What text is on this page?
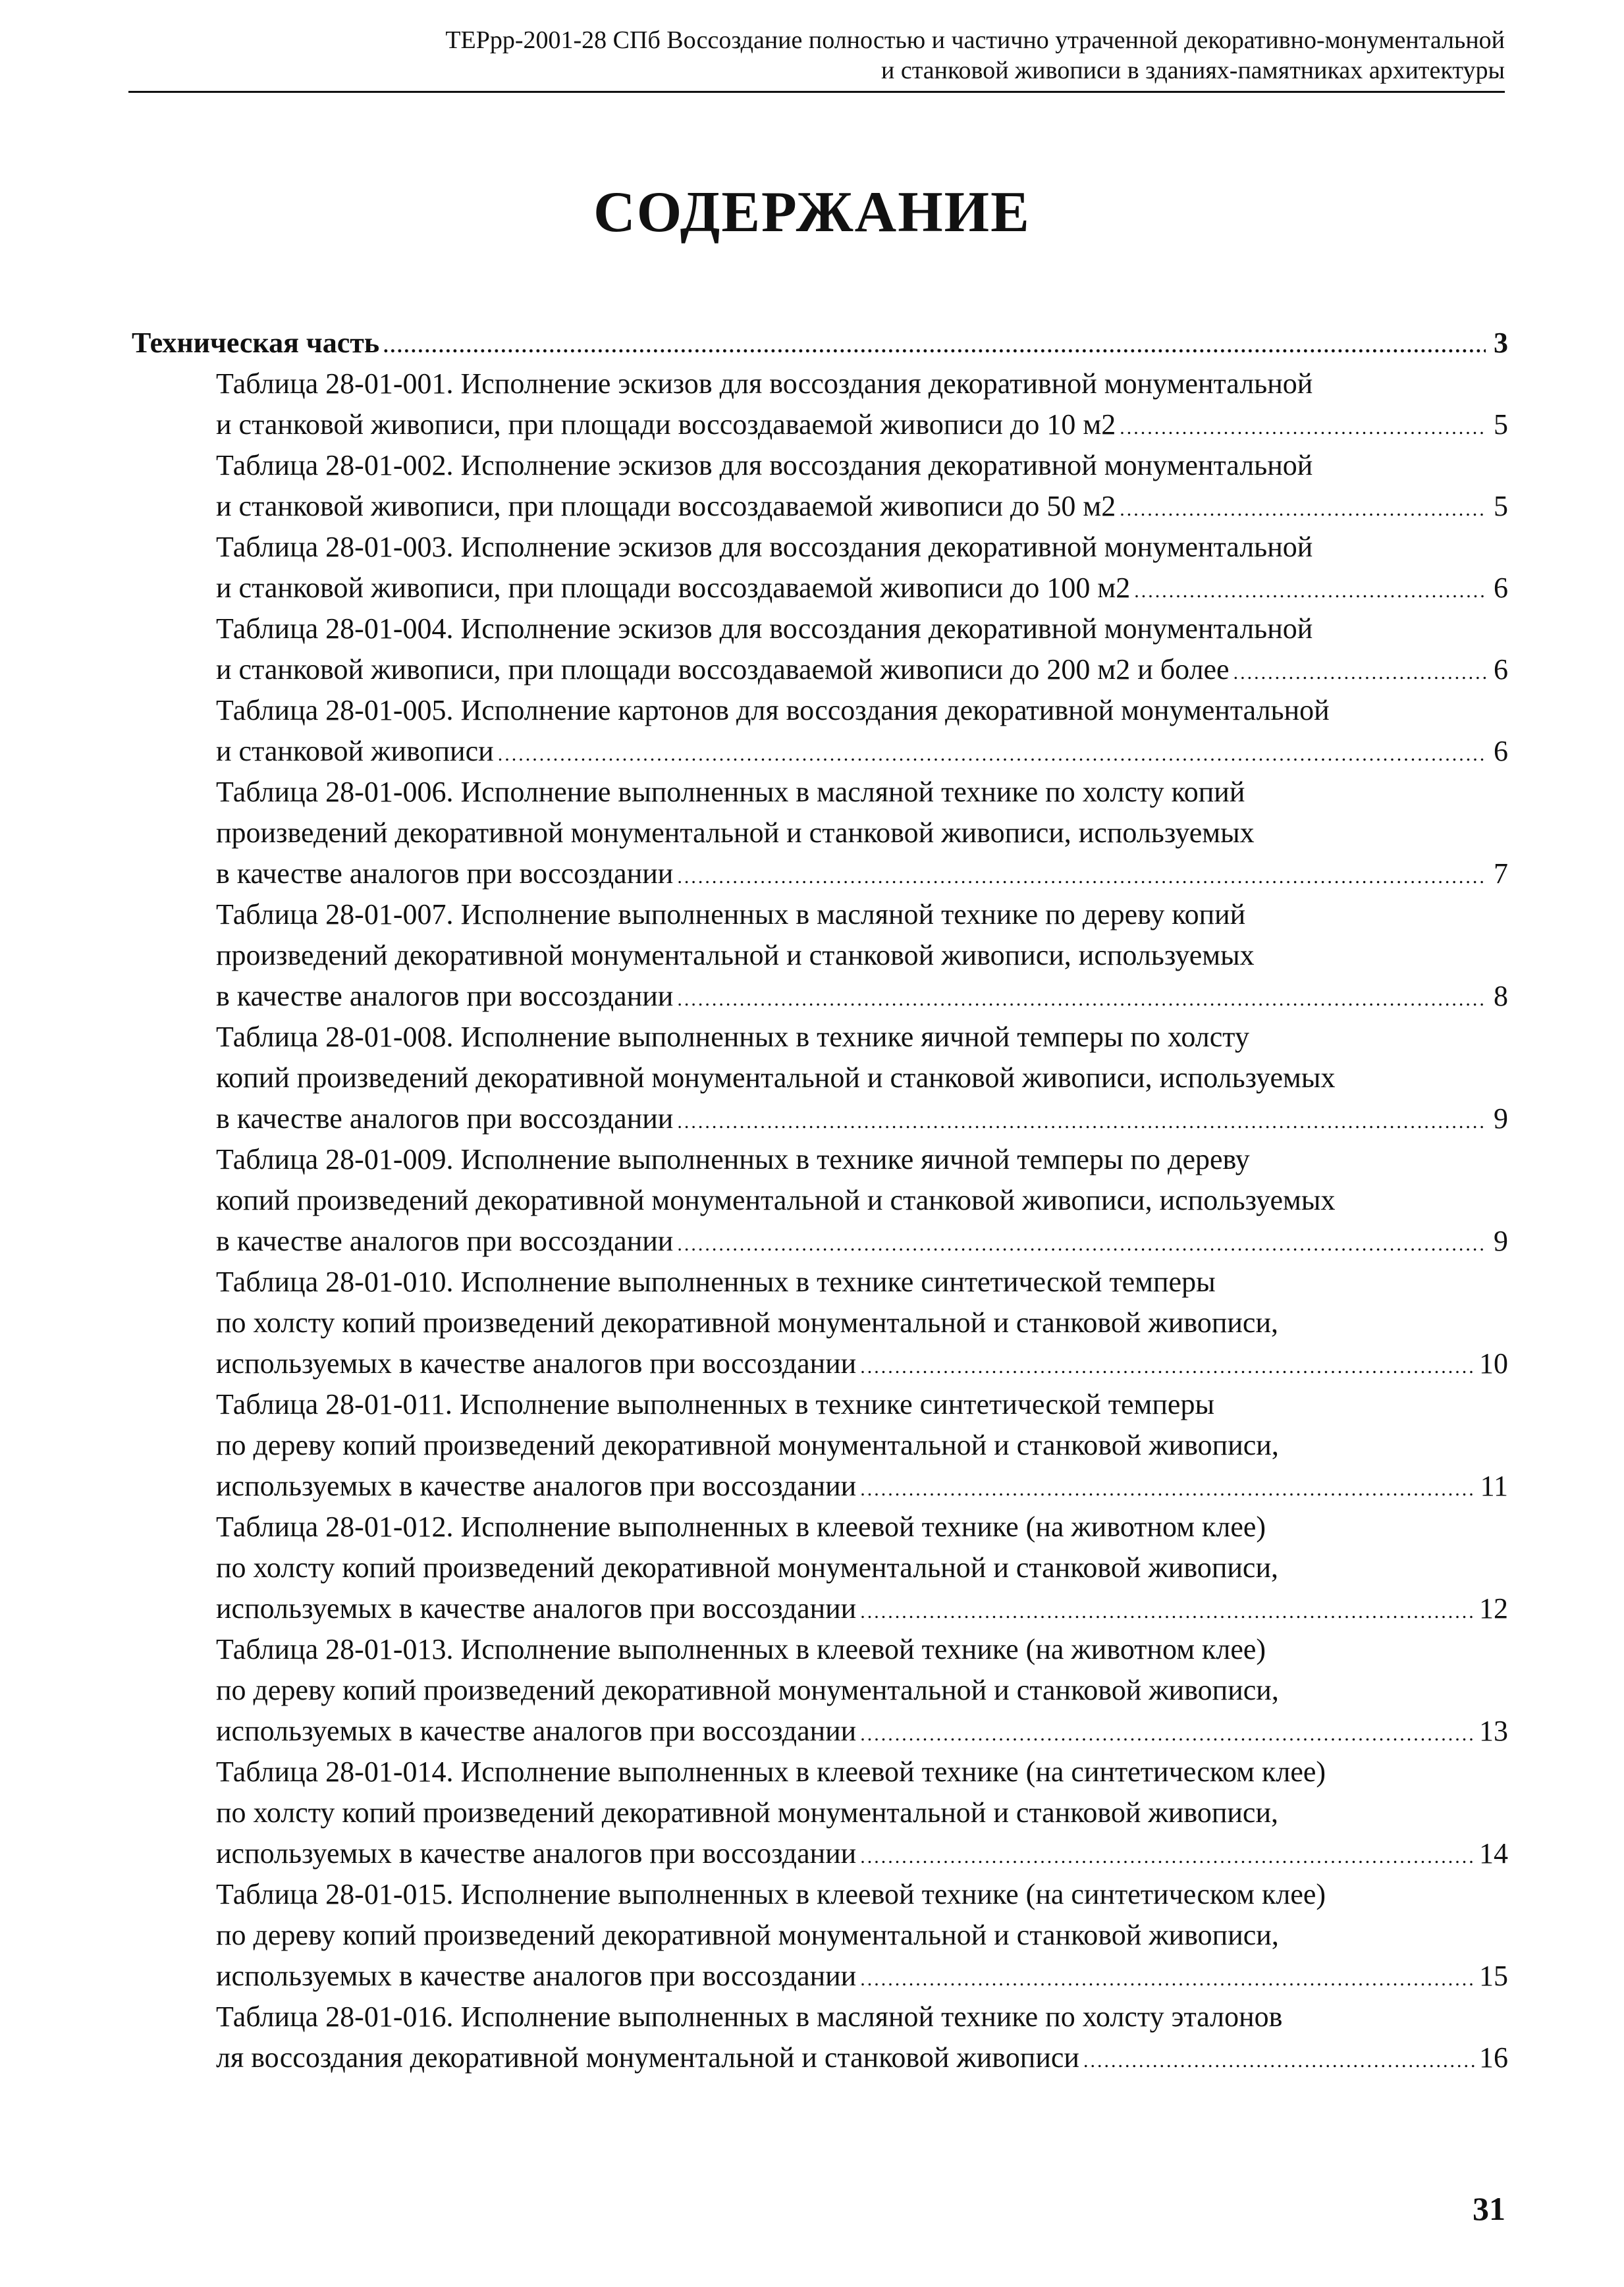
ТЕРрр-2001-28 СПб Воссоздание полностью и частично утраченной декоративно-монументальной
и станковой живописи в зданиях-памятниках архитектуры
СОДЕРЖАНИЕ
Техническая часть .....	3
Таблица 28-01-001. Исполнение эскизов для воссоздания декоративной монументальной
и станковой живописи, при площади воссоздаваемой живописи до 10 м2 .....	5
Таблица 28-01-002. Исполнение эскизов для воссоздания декоративной монументальной
и станковой живописи, при площади воссоздаваемой живописи до 50 м2 .....	5
Таблица 28-01-003. Исполнение эскизов для воссоздания декоративной монументальной
и станковой живописи, при площади воссоздаваемой живописи до 100 м2 .....	6
Таблица 28-01-004. Исполнение эскизов для воссоздания декоративной монументальной
и станковой живописи, при площади воссоздаваемой живописи до 200 м2 и более .....	6
Таблица 28-01-005. Исполнение картонов для воссоздания декоративной монументальной
и станковой живописи .....	6
Таблица 28-01-006. Исполнение выполненных в масляной технике по холсту копий
произведений декоративной монументальной и станковой живописи, используемых
в качестве аналогов при воссоздании .....	7
Таблица 28-01-007. Исполнение выполненных в масляной технике по дереву копий
произведений декоративной монументальной и станковой живописи, используемых
в качестве аналогов при воссоздании .....	8
Таблица 28-01-008. Исполнение выполненных в технике яичной темперы по холсту
копий произведений декоративной монументальной и станковой живописи, используемых
в качестве аналогов при воссоздании .....	9
Таблица 28-01-009. Исполнение выполненных в технике яичной темперы по дереву
копий произведений декоративной монументальной и станковой живописи, используемых
в качестве аналогов при воссоздании .....	9
Таблица 28-01-010. Исполнение выполненных в технике синтетической темперы
по холсту копий произведений декоративной монументальной и станковой живописи,
используемых в качестве аналогов при воссоздании .....	10
Таблица 28-01-011. Исполнение выполненных в технике синтетической темперы
по дереву копий произведений декоративной монументальной и станковой живописи,
используемых в качестве аналогов при воссоздании .....	11
Таблица 28-01-012. Исполнение выполненных в клеевой технике (на животном клее)
по холсту копий произведений декоративной монументальной и станковой живописи,
используемых в качестве аналогов при воссоздании .....	12
Таблица 28-01-013. Исполнение выполненных в клеевой технике (на животном клее)
по дереву копий произведений декоративной монументальной и станковой живописи,
используемых в качестве аналогов при воссоздании .....	13
Таблица 28-01-014. Исполнение выполненных в клеевой технике (на синтетическом клее)
по холсту копий произведений декоративной монументальной и станковой живописи,
используемых в качестве аналогов при воссоздании .....	14
Таблица 28-01-015. Исполнение выполненных в клеевой технике (на синтетическом клее)
по дереву копий произведений декоративной монументальной и станковой живописи,
используемых в качестве аналогов при воссоздании .....	15
Таблица 28-01-016. Исполнение выполненных в масляной технике по холсту эталонов
ля воссоздания декоративной монументальной и станковой живописи .....	16
31
